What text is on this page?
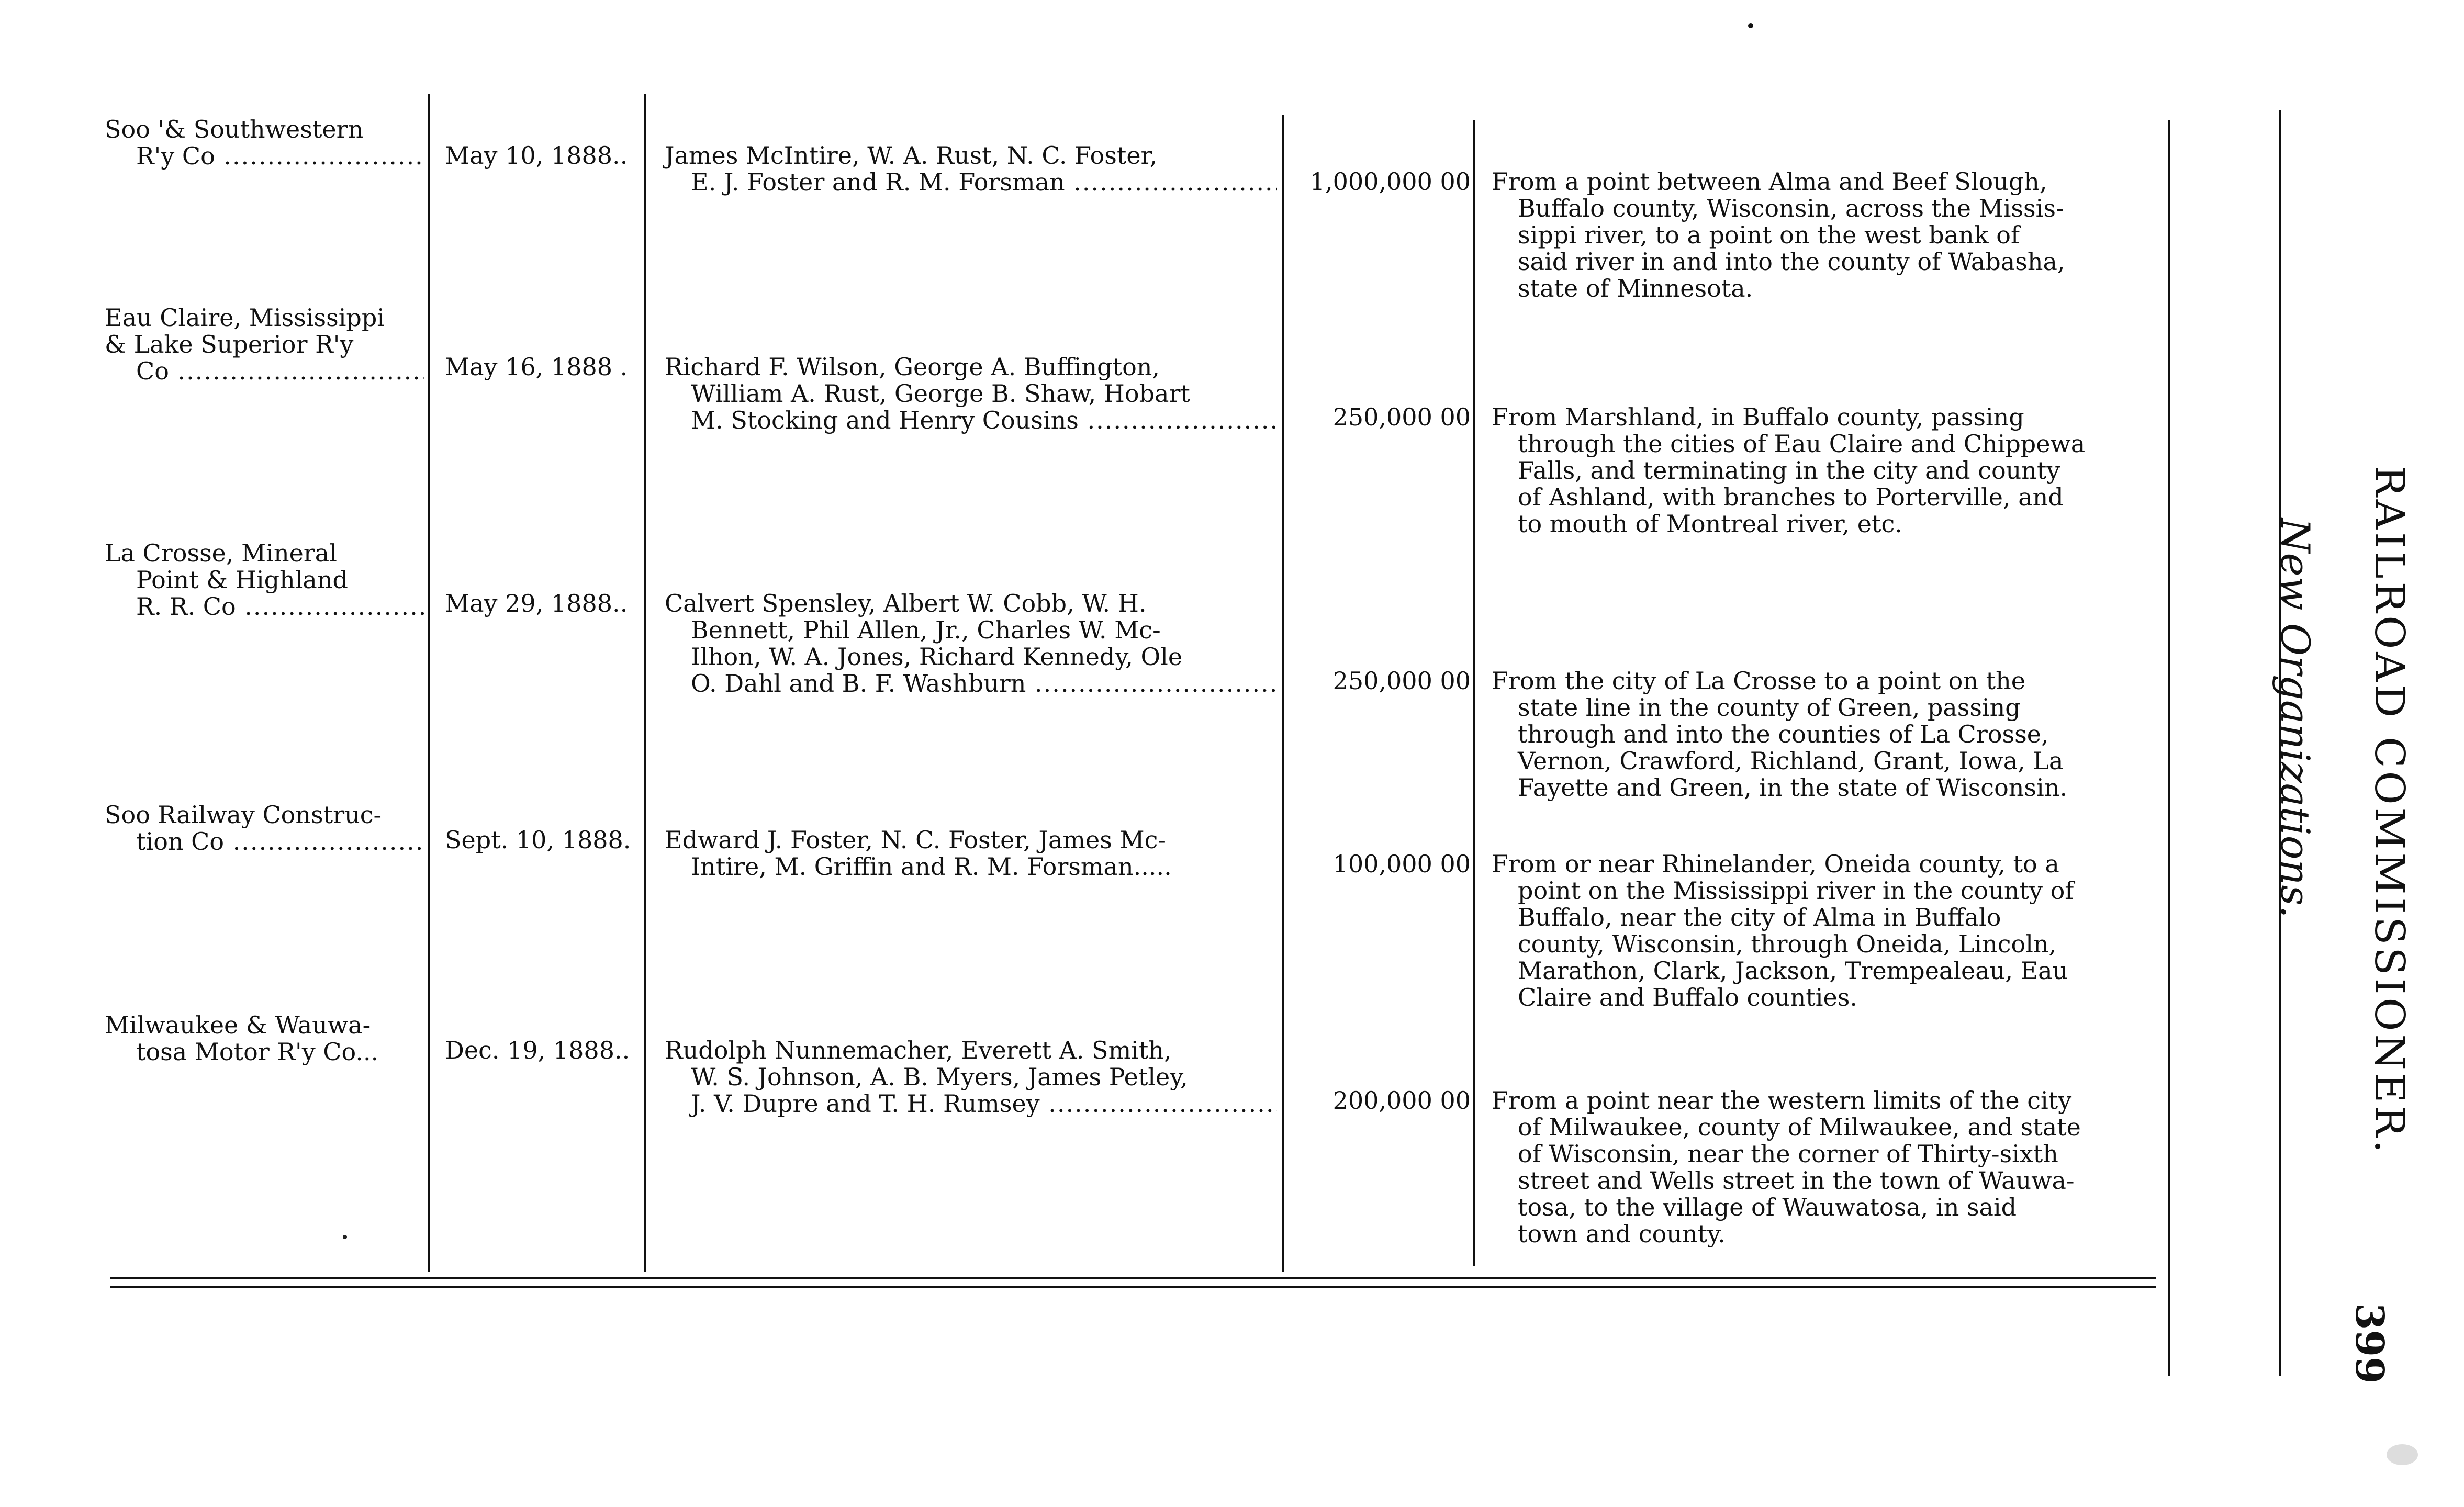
Soo '& Southwestern
R'y Co .....	May 10, 1888..	James McIntire, W. A. Rust, N. C. Foster,
E. J. Foster and R. M. Forsman .....	1,000,000 00 From a point between Alma and Beef Slough,
Buffalo county, Wisconsin, across the Missis-
sippi river, to a point on the west bank of
said river in and into the county of Wabasha,
state of Minnesota.
Eau Claire, Mississippi
& Lake Superior R'y
Co .....	May 16, 1888 .	Richard F. Wilson, George A. Buffington,
William A. Rust, George B. Shaw, Hobart
M. Stocking and Henry Cousins .....	250,000 00 From Marshland, in Buffalo county, passing
through the cities of Eau Claire and Chippewa
Falls, and terminating in the city and county
of Ashland, with branches to Porterville, and
to mouth of Montreal river, etc.
La Crosse, Mineral
Point & Highland
R. R. Co .....	May 29, 1888..	Calvert Spensley, Albert W. Cobb, W. H.
Bennett, Phil Allen, Jr., Charles W. Mc-
Ilhon, W. A. Jones, Richard Kennedy, Ole
O. Dahl and B. F. Washburn .....	250,000 00 From the city of La Crosse to a point on the
state line in the county of Green, passing
through and into the counties of La Crosse,
Vernon, Crawford, Richland, Grant, Iowa, La
Fayette and Green, in the state of Wisconsin.
Soo Railway Construc-
tion Co .....	Sept. 10, 1888.	Edward J. Foster, N. C. Foster, James Mc-
Intire, M. Griffin and R. M. Forsman.....	100,000 00 From or near Rhinelander, Oneida county, to a
point on the Mississippi river in the county of
Buffalo, near the city of Alma in Buffalo
county, Wisconsin, through Oneida, Lincoln,
Marathon, Clark, Jackson, Trempealeau, Eau
Claire and Buffalo counties.
Milwaukee & Wauwa-
tosa Motor R'y Co...	Dec. 19, 1888..	Rudolph Nunnemacher, Everett A. Smith,
W. S. Johnson, A. B. Myers, James Petley,
J. V. Dupre and T. H. Rumsey .....	200,000 00 From a point near the western limits of the city
of Milwaukee, county of Milwaukee, and state
of Wisconsin, near the corner of Thirty-sixth
street and Wells street in the town of Wauwa-
tosa, to the village of Wauwatosa, in said
town and county.
New Organizations.	RAILROAD COMMISSIONER.
399
